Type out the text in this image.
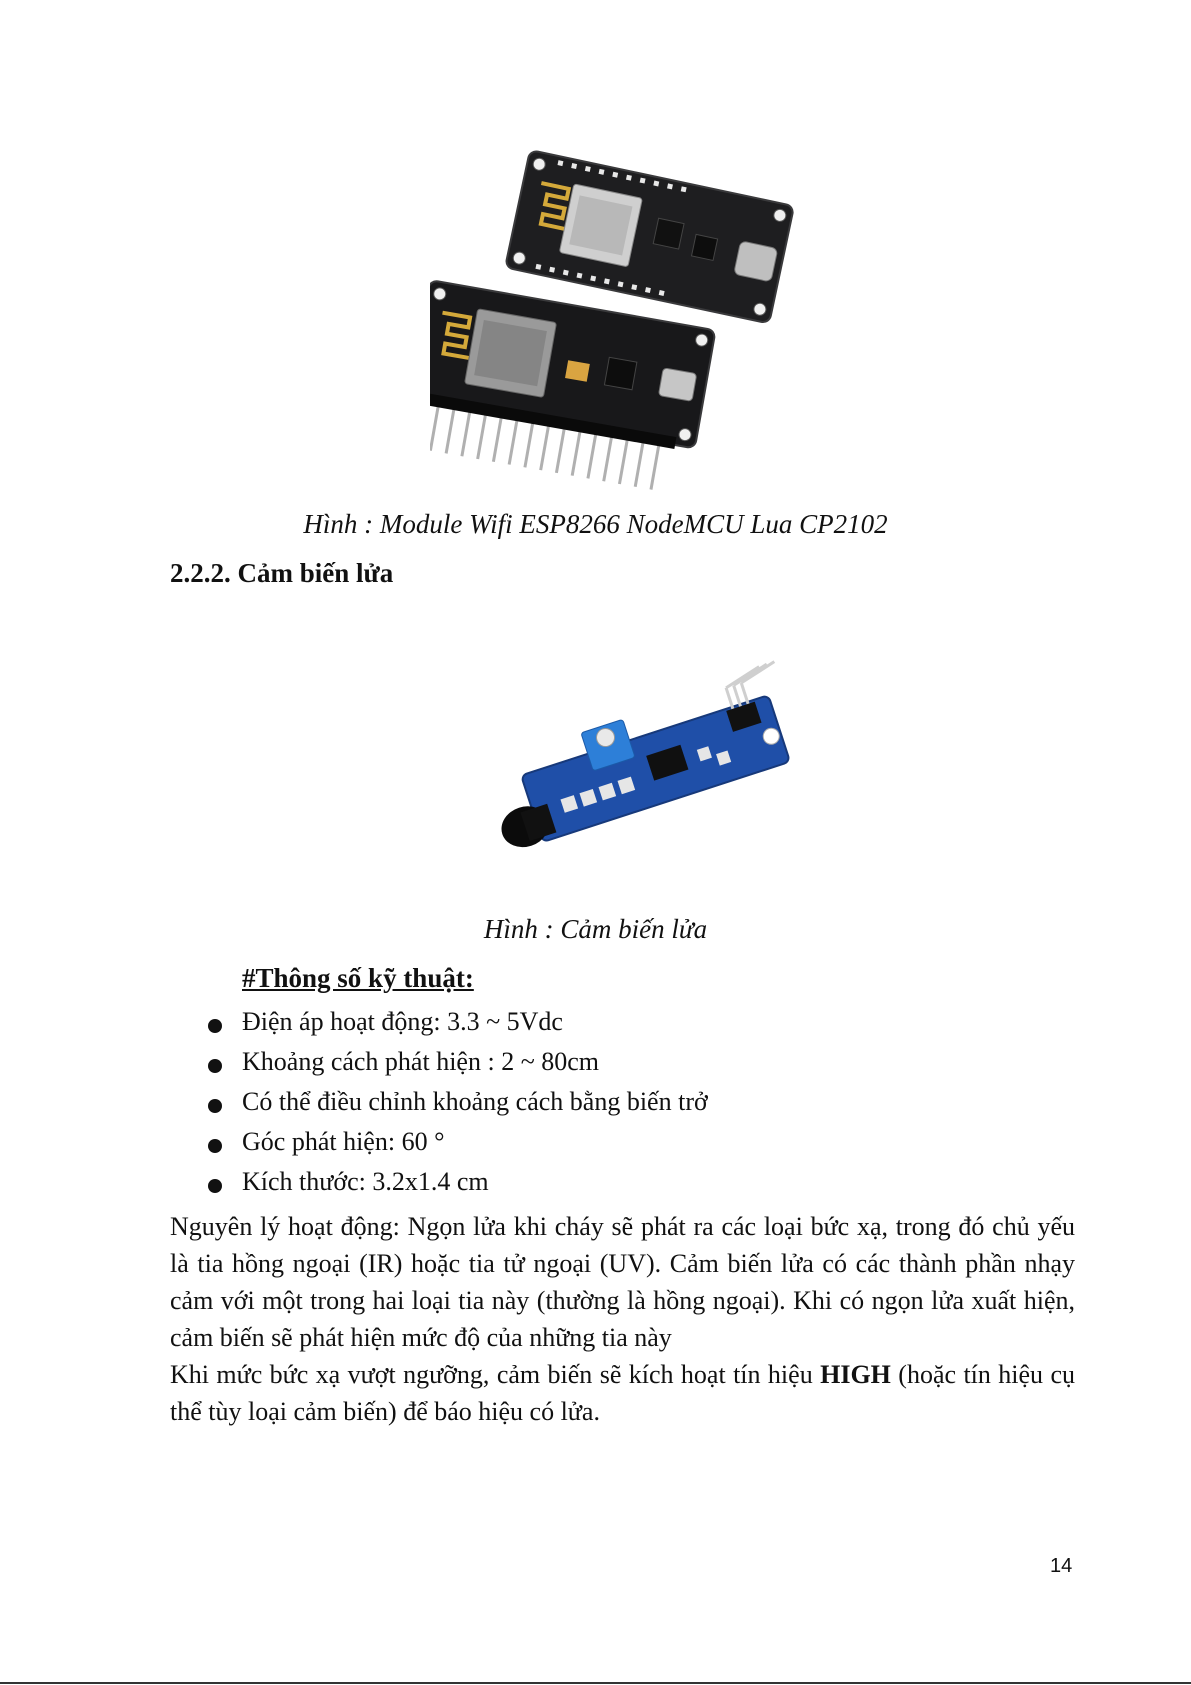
Hình : Module Wifi ESP8266 NodeMCU Lua CP2102
2.2.2. Cảm biến lửa
Hình : Cảm biến lửa
#Thông số kỹ thuật:
Điện áp hoạt động: 3.3 ~ 5Vdc
Khoảng cách phát hiện : 2 ~ 80cm
Có thể điều chỉnh khoảng cách bằng biến trở
Góc phát hiện: 60 °
Kích thước: 3.2x1.4 cm

Nguyên lý hoạt động: Ngọn lửa khi cháy sẽ phát ra các loại bức xạ, trong đó chủ yếu là tia hồng ngoại (IR) hoặc tia tử ngoại (UV). Cảm biến lửa có các thành phần nhạy cảm với một trong hai loại tia này (thường là hồng ngoại). Khi có ngọn lửa xuất hiện, cảm biến sẽ phát hiện mức độ của những tia này

Khi mức bức xạ vượt ngưỡng, cảm biến sẽ kích hoạt tín hiệu HIGH (hoặc tín hiệu cụ thể tùy loại cảm biến) để báo hiệu có lửa.

14
